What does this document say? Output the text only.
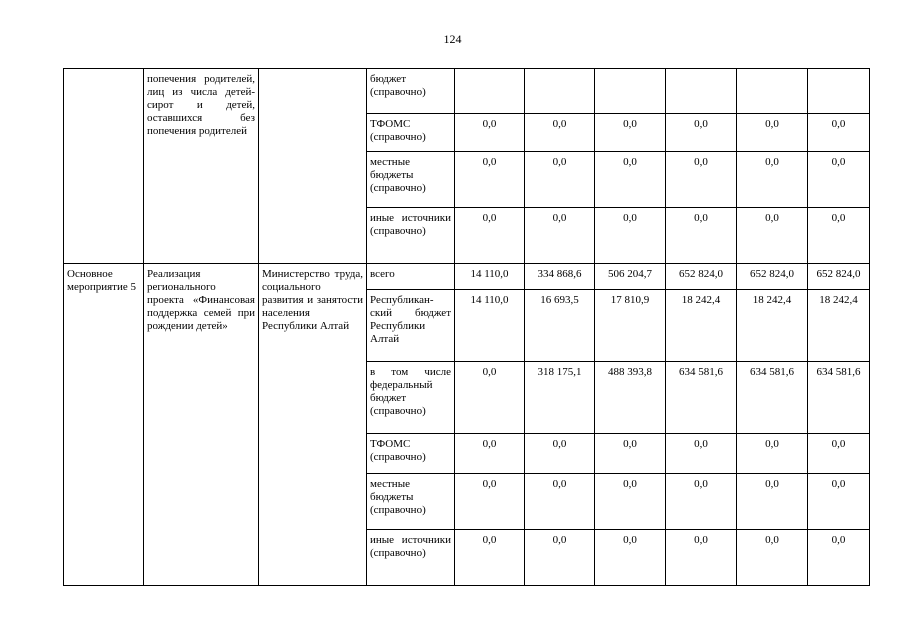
124
	попечения родителей, лиц из числа детей-сирот и детей, оставшихся без попечения родителей		бюджет (справочно)						
			ТФОМС (справочно)	0,0	0,0	0,0	0,0	0,0	0,0
			местные бюджеты (справочно)	0,0	0,0	0,0	0,0	0,0	0,0
			иные источники (справочно)	0,0	0,0	0,0	0,0	0,0	0,0
Основное мероприятие 5	Реализация регионального проекта «Финансовая поддержка семей при рождении детей»	Министерство труда, социального развития и занятости населения Республики Алтай	всего	14 110,0	334 868,6	506 204,7	652 824,0	652 824,0	652 824,0
			Республикан-ский бюджет Республики Алтай	14 110,0	16 693,5	17 810,9	18 242,4	18 242,4	18 242,4
			в том числе федеральный бюджет (справочно)	0,0	318 175,1	488 393,8	634 581,6	634 581,6	634 581,6
			ТФОМС (справочно)	0,0	0,0	0,0	0,0	0,0	0,0
			местные бюджеты (справочно)	0,0	0,0	0,0	0,0	0,0	0,0
			иные источники (справочно)	0,0	0,0	0,0	0,0	0,0	0,0
